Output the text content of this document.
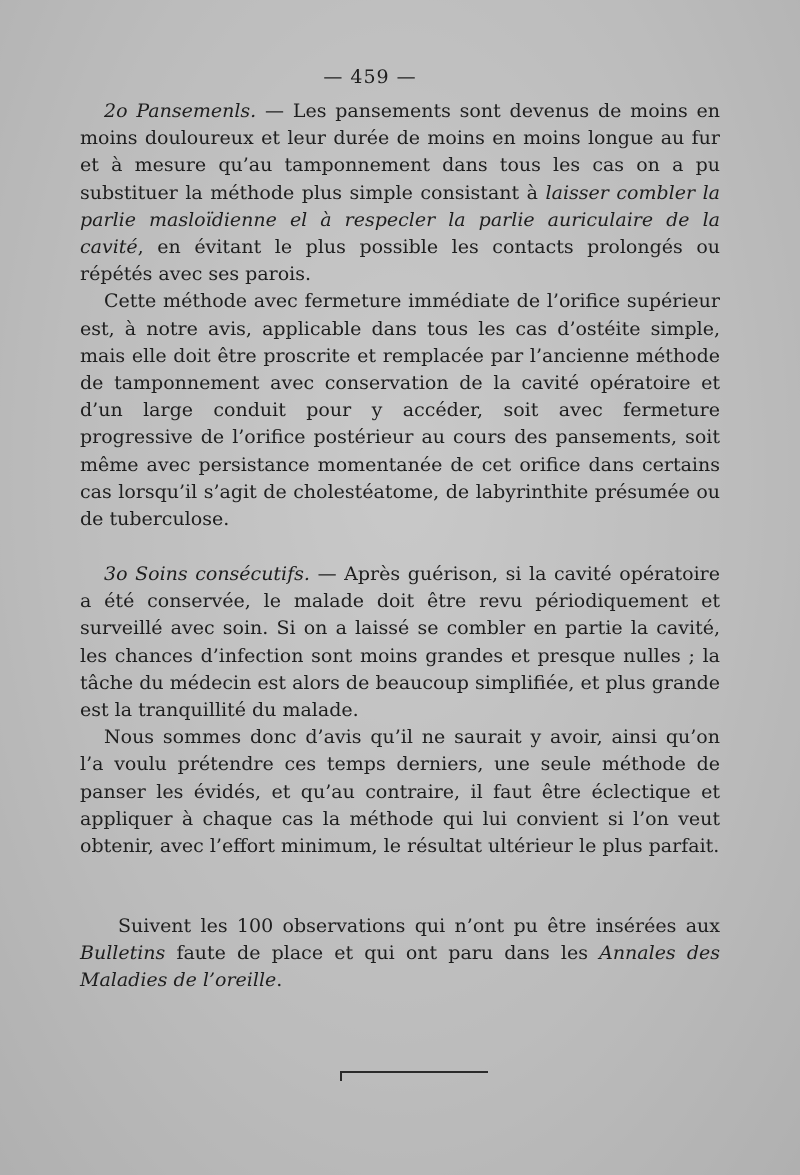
— 459 —

2o Pansemenls. — Les pansements sont devenus de moins en moins douloureux et leur durée de moins en moins longue au fur et à mesure qu’au tamponnement dans tous les cas on a pu substituer la méthode plus simple consistant à laisser combler la parlie masloïdienne el à respecler la parlie auriculaire de la cavité, en évitant le plus possible les contacts prolongés ou répétés avec ses parois.

Cette méthode avec fermeture immédiate de l’orifice supérieur est, à notre avis, applicable dans tous les cas d’ostéite simple, mais elle doit être proscrite et remplacée par l’ancienne méthode de tamponnement avec conservation de la cavité opératoire et d’un large conduit pour y accéder, soit avec fermeture progressive de l’orifice postérieur au cours des pansements, soit même avec persistance momentanée de cet orifice dans certains cas lorsqu’il s’agit de cholestéatome, de labyrinthite présumée ou de tuberculose.

3o Soins consécutifs. — Après guérison, si la cavité opératoire a été conservée, le malade doit être revu périodiquement et surveillé avec soin. Si on a laissé se combler en partie la cavité, les chances d’infection sont moins grandes et presque nulles ; la tâche du médecin est alors de beaucoup simplifiée, et plus grande est la tranquillité du malade.

Nous sommes donc d’avis qu’il ne saurait y avoir, ainsi qu’on l’a voulu prétendre ces temps derniers, une seule méthode de panser les évidés, et qu’au contraire, il faut être éclectique et appliquer à chaque cas la méthode qui lui convient si l’on veut obtenir, avec l’effort minimum, le résultat ultérieur le plus parfait.

Suivent les 100 observations qui n’ont pu être insérées aux Bulletins faute de place et qui ont paru dans les Annales des Maladies de l’oreille.
